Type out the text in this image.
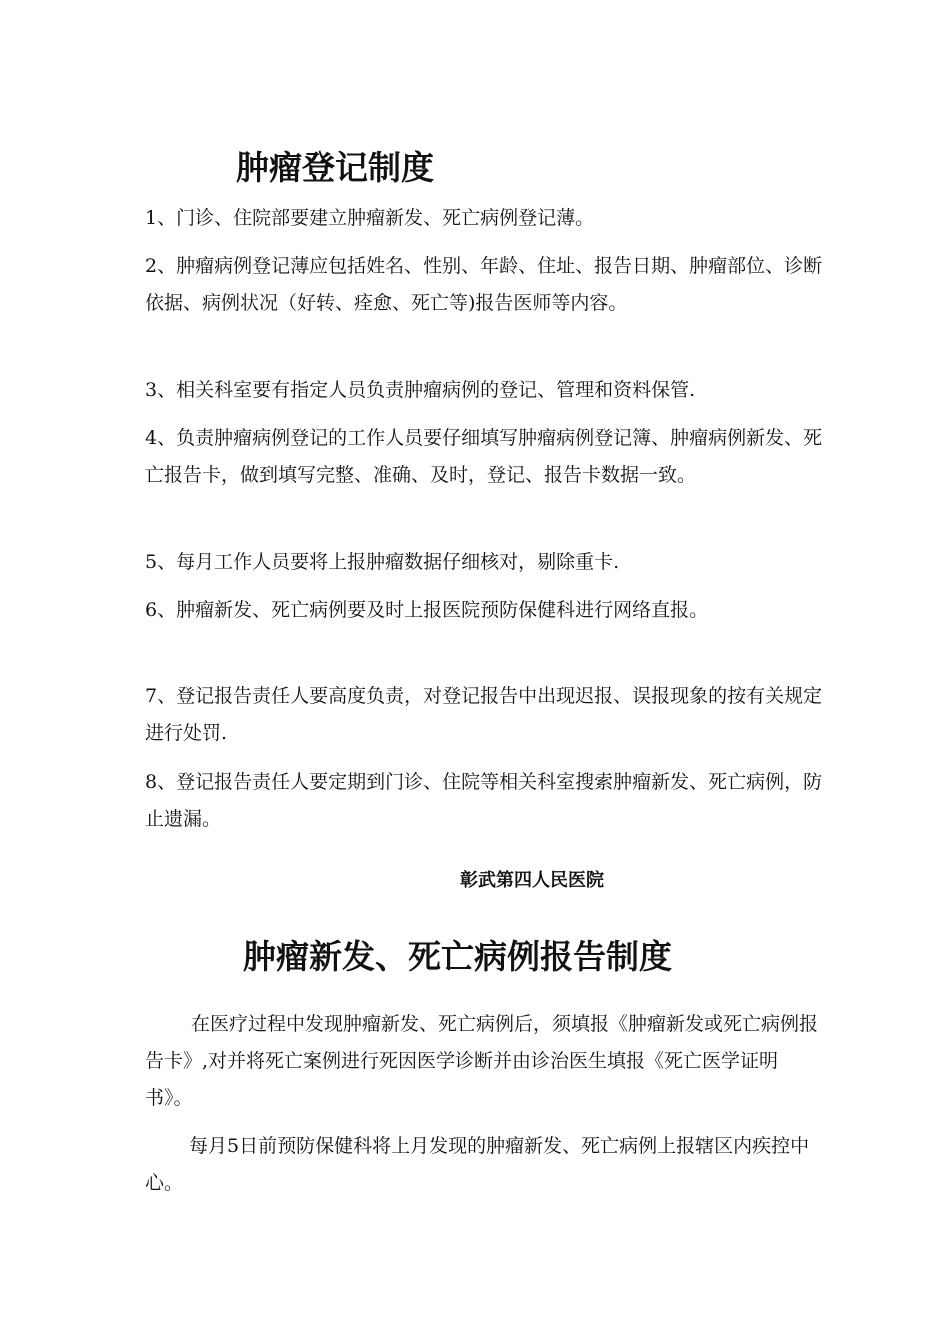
肿瘤登记制度

1、门诊、住院部要建立肿瘤新发、死亡病例登记薄。

2、肿瘤病例登记薄应包括姓名、性别、年龄、住址、报告日期、肿瘤部位、诊断依据、病例状况（好转、痊愈、死亡等)报告医师等内容。

3、相关科室要有指定人员负责肿瘤病例的登记、管理和资料保管.

4、负责肿瘤病例登记的工作人员要仔细填写肿瘤病例登记簿、肿瘤病例新发、死亡报告卡，做到填写完整、准确、及时，登记、报告卡数据一致。

5、每月工作人员要将上报肿瘤数据仔细核对，剔除重卡.

6、肿瘤新发、死亡病例要及时上报医院预防保健科进行网络直报。

7、登记报告责任人要高度负责，对登记报告中出现迟报、误报现象的按有关规定进行处罚.

8、登记报告责任人要定期到门诊、住院等相关科室搜索肿瘤新发、死亡病例，防止遗漏。

彰武第四人民医院
肿瘤新发、死亡病例报告制度

在医疗过程中发现肿瘤新发、死亡病例后，须填报《肿瘤新发或死亡病例报告卡》,对并将死亡案例进行死因医学诊断并由诊治医生填报《死亡医学证明书》。

每月5日前预防保健科将上月发现的肿瘤新发、死亡病例上报辖区内疾控中心。
